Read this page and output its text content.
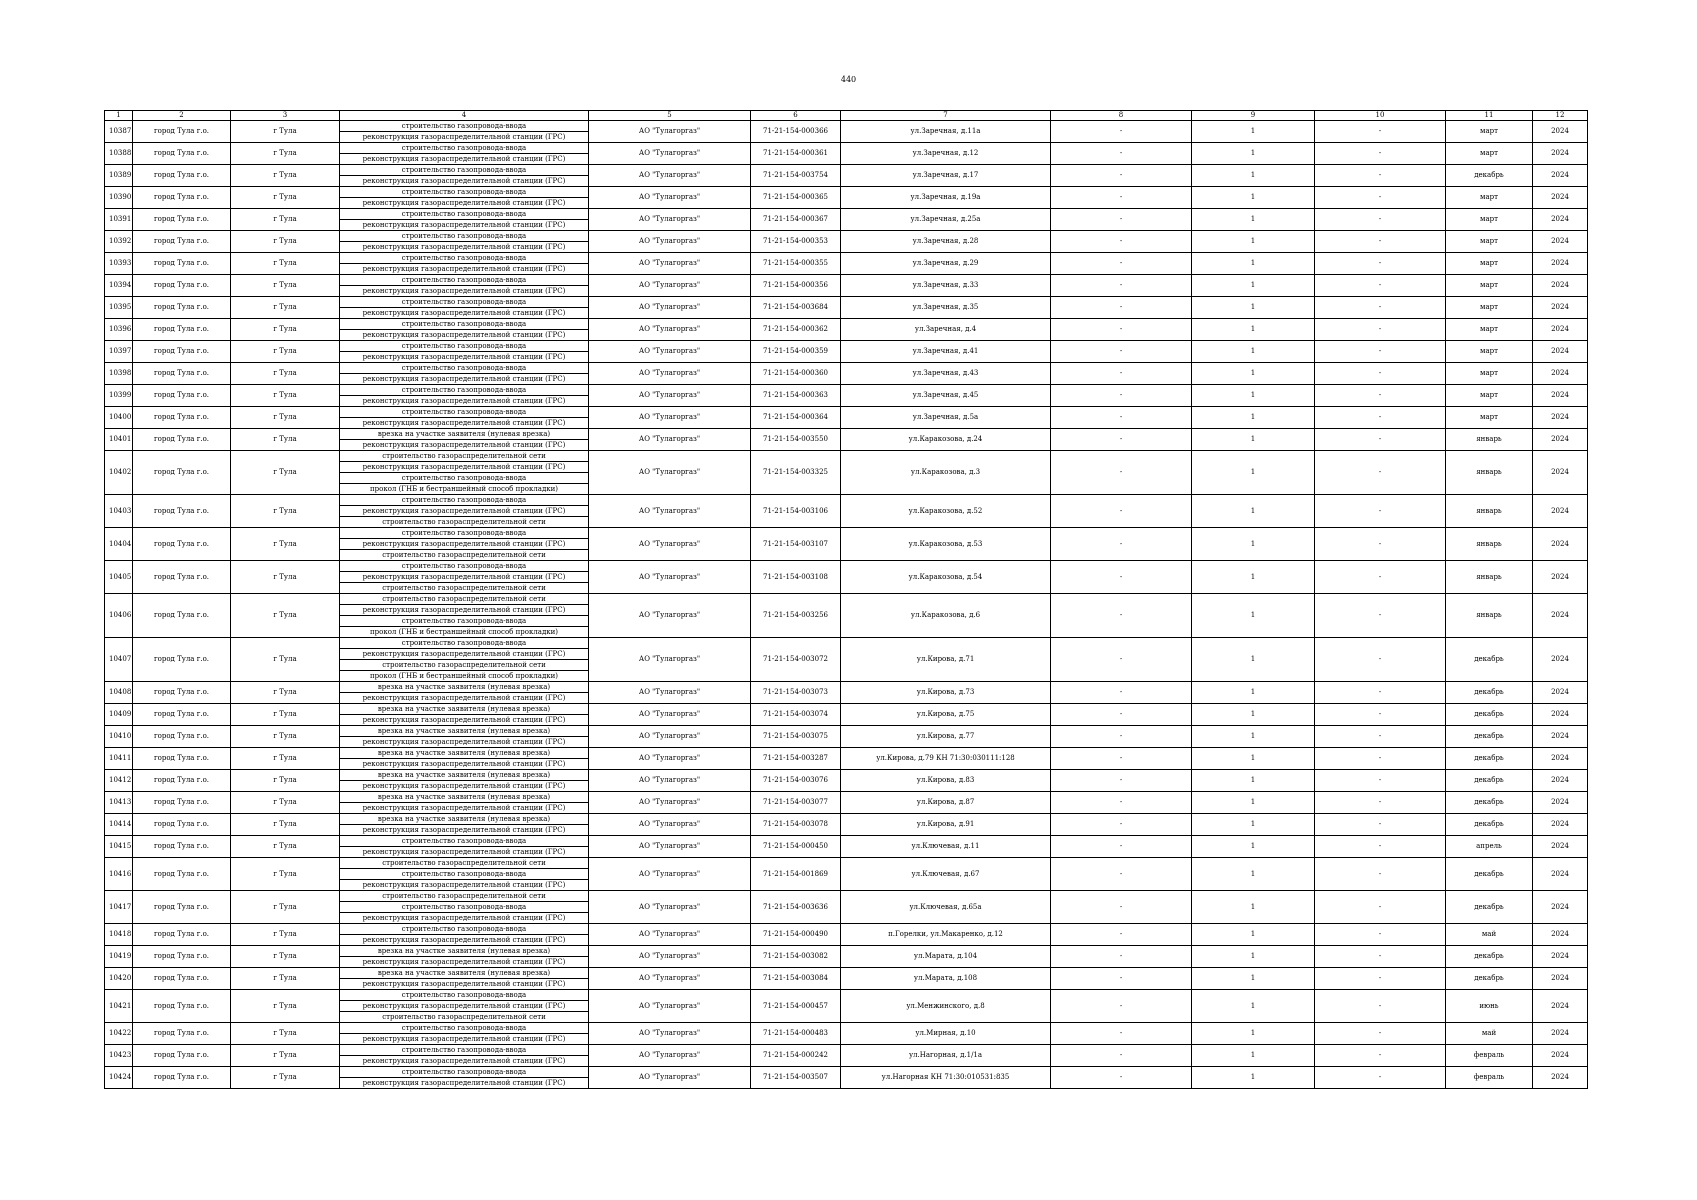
440
1	2	3	4	5	6	7	8	9	10	11	12
10387	город Тула г.о.	г Тула	строительство газопровода-ввода
реконструкция газораспределительной станции (ГРС)	АО "Тулагоргаз"	71-21-154-000366	ул.Заречная, д.11а	-	1	-	март	2024
10388	город Тула г.о.	г Тула	строительство газопровода-ввода
реконструкция газораспределительной станции (ГРС)	АО "Тулагоргаз"	71-21-154-000361	ул.Заречная, д.12	-	1	-	март	2024
10389	город Тула г.о.	г Тула	строительство газопровода-ввода
реконструкция газораспределительной станции (ГРС)	АО "Тулагоргаз"	71-21-154-003754	ул.Заречная, д.17	-	1	-	декабрь	2024
10390	город Тула г.о.	г Тула	строительство газопровода-ввода
реконструкция газораспределительной станции (ГРС)	АО "Тулагоргаз"	71-21-154-000365	ул.Заречная, д.19а	-	1	-	март	2024
10391	город Тула г.о.	г Тула	строительство газопровода-ввода
реконструкция газораспределительной станции (ГРС)	АО "Тулагоргаз"	71-21-154-000367	ул.Заречная, д.25а	-	1	-	март	2024
10392	город Тула г.о.	г Тула	строительство газопровода-ввода
реконструкция газораспределительной станции (ГРС)	АО "Тулагоргаз"	71-21-154-000353	ул.Заречная, д.28	-	1	-	март	2024
10393	город Тула г.о.	г Тула	строительство газопровода-ввода
реконструкция газораспределительной станции (ГРС)	АО "Тулагоргаз"	71-21-154-000355	ул.Заречная, д.29	-	1	-	март	2024
10394	город Тула г.о.	г Тула	строительство газопровода-ввода
реконструкция газораспределительной станции (ГРС)	АО "Тулагоргаз"	71-21-154-000356	ул.Заречная, д.33	-	1	-	март	2024
10395	город Тула г.о.	г Тула	строительство газопровода-ввода
реконструкция газораспределительной станции (ГРС)	АО "Тулагоргаз"	71-21-154-003684	ул.Заречная, д.35	-	1	-	март	2024
10396	город Тула г.о.	г Тула	строительство газопровода-ввода
реконструкция газораспределительной станции (ГРС)	АО "Тулагоргаз"	71-21-154-000362	ул.Заречная, д.4	-	1	-	март	2024
10397	город Тула г.о.	г Тула	строительство газопровода-ввода
реконструкция газораспределительной станции (ГРС)	АО "Тулагоргаз"	71-21-154-000359	ул.Заречная, д.41	-	1	-	март	2024
10398	город Тула г.о.	г Тула	строительство газопровода-ввода
реконструкция газораспределительной станции (ГРС)	АО "Тулагоргаз"	71-21-154-000360	ул.Заречная, д.43	-	1	-	март	2024
10399	город Тула г.о.	г Тула	строительство газопровода-ввода
реконструкция газораспределительной станции (ГРС)	АО "Тулагоргаз"	71-21-154-000363	ул.Заречная, д.45	-	1	-	март	2024
10400	город Тула г.о.	г Тула	строительство газопровода-ввода
реконструкция газораспределительной станции (ГРС)	АО "Тулагоргаз"	71-21-154-000364	ул.Заречная, д.5а	-	1	-	март	2024
10401	город Тула г.о.	г Тула	врезка на участке заявителя (нулевая врезка)
реконструкция газораспределительной станции (ГРС)	АО "Тулагоргаз"	71-21-154-003550	ул.Каракозова, д.24	-	1	-	январь	2024
10402	город Тула г.о.	г Тула	строительство газораспределительной сети
реконструкция газораспределительной станции (ГРС)
строительство газопровода-ввода
прокол (ГНБ и бестраншейный способ прокладки)	АО "Тулагоргаз"	71-21-154-003325	ул.Каракозова, д.3	-	1	-	январь	2024
10403	город Тула г.о.	г Тула	строительство газопровода-ввода
реконструкция газораспределительной станции (ГРС)
строительство газораспределительной сети	АО "Тулагоргаз"	71-21-154-003106	ул.Каракозова, д.52	-	1	-	январь	2024
10404	город Тула г.о.	г Тула	строительство газопровода-ввода
реконструкция газораспределительной станции (ГРС)
строительство газораспределительной сети	АО "Тулагоргаз"	71-21-154-003107	ул.Каракозова, д.53	-	1	-	январь	2024
10405	город Тула г.о.	г Тула	строительство газопровода-ввода
реконструкция газораспределительной станции (ГРС)
строительство газораспределительной сети	АО "Тулагоргаз"	71-21-154-003108	ул.Каракозова, д.54	-	1	-	январь	2024
10406	город Тула г.о.	г Тула	строительство газораспределительной сети
реконструкция газораспределительной станции (ГРС)
строительство газопровода-ввода
прокол (ГНБ и бестраншейный способ прокладки)	АО "Тулагоргаз"	71-21-154-003256	ул.Каракозова, д.6	-	1	-	январь	2024
10407	город Тула г.о.	г Тула	строительство газопровода-ввода
реконструкция газораспределительной станции (ГРС)
строительство газораспределительной сети
прокол (ГНБ и бестраншейный способ прокладки)	АО "Тулагоргаз"	71-21-154-003072	ул.Кирова, д.71	-	1	-	декабрь	2024
10408	город Тула г.о.	г Тула	врезка на участке заявителя (нулевая врезка)
реконструкция газораспределительной станции (ГРС)	АО "Тулагоргаз"	71-21-154-003073	ул.Кирова, д.73	-	1	-	декабрь	2024
10409	город Тула г.о.	г Тула	врезка на участке заявителя (нулевая врезка)
реконструкция газораспределительной станции (ГРС)	АО "Тулагоргаз"	71-21-154-003074	ул.Кирова, д.75	-	1	-	декабрь	2024
10410	город Тула г.о.	г Тула	врезка на участке заявителя (нулевая врезка)
реконструкция газораспределительной станции (ГРС)	АО "Тулагоргаз"	71-21-154-003075	ул.Кирова, д.77	-	1	-	декабрь	2024
10411	город Тула г.о.	г Тула	врезка на участке заявителя (нулевая врезка)
реконструкция газораспределительной станции (ГРС)	АО "Тулагоргаз"	71-21-154-003287	ул.Кирова, д.79 КН 71:30:030111:128	-	1	-	декабрь	2024
10412	город Тула г.о.	г Тула	врезка на участке заявителя (нулевая врезка)
реконструкция газораспределительной станции (ГРС)	АО "Тулагоргаз"	71-21-154-003076	ул.Кирова, д.83	-	1	-	декабрь	2024
10413	город Тула г.о.	г Тула	врезка на участке заявителя (нулевая врезка)
реконструкция газораспределительной станции (ГРС)	АО "Тулагоргаз"	71-21-154-003077	ул.Кирова, д.87	-	1	-	декабрь	2024
10414	город Тула г.о.	г Тула	врезка на участке заявителя (нулевая врезка)
реконструкция газораспределительной станции (ГРС)	АО "Тулагоргаз"	71-21-154-003078	ул.Кирова, д.91	-	1	-	декабрь	2024
10415	город Тула г.о.	г Тула	строительство газопровода-ввода
реконструкция газораспределительной станции (ГРС)	АО "Тулагоргаз"	71-21-154-000450	ул.Ключевая, д.11	-	1	-	апрель	2024
10416	город Тула г.о.	г Тула	строительство газораспределительной сети
строительство газопровода-ввода
реконструкция газораспределительной станции (ГРС)	АО "Тулагоргаз"	71-21-154-001869	ул.Ключевая, д.67	-	1	-	декабрь	2024
10417	город Тула г.о.	г Тула	строительство газораспределительной сети
строительство газопровода-ввода
реконструкция газораспределительной станции (ГРС)	АО "Тулагоргаз"	71-21-154-003636	ул.Ключевая, д.65а	-	1	-	декабрь	2024
10418	город Тула г.о.	г Тула	строительство газопровода-ввода
реконструкция газораспределительной станции (ГРС)	АО "Тулагоргаз"	71-21-154-000490	п.Горелки, ул.Макаренко, д.12	-	1	-	май	2024
10419	город Тула г.о.	г Тула	врезка на участке заявителя (нулевая врезка)
реконструкция газораспределительной станции (ГРС)	АО "Тулагоргаз"	71-21-154-003082	ул.Марата, д.104	-	1	-	декабрь	2024
10420	город Тула г.о.	г Тула	врезка на участке заявителя (нулевая врезка)
реконструкция газораспределительной станции (ГРС)	АО "Тулагоргаз"	71-21-154-003084	ул.Марата, д.108	-	1	-	декабрь	2024
10421	город Тула г.о.	г Тула	строительство газопровода-ввода
реконструкция газораспределительной станции (ГРС)
строительство газораспределительной сети	АО "Тулагоргаз"	71-21-154-000457	ул.Менжинского, д.8	-	1	-	июнь	2024
10422	город Тула г.о.	г Тула	строительство газопровода-ввода
реконструкция газораспределительной станции (ГРС)	АО "Тулагоргаз"	71-21-154-000483	ул.Мирная, д.10	-	1	-	май	2024
10423	город Тула г.о.	г Тула	строительство газопровода-ввода
реконструкция газораспределительной станции (ГРС)	АО "Тулагоргаз"	71-21-154-000242	ул.Нагорная, д.1/1а	-	1	-	февраль	2024
10424	город Тула г.о.	г Тула	строительство газопровода-ввода
реконструкция газораспределительной станции (ГРС)	АО "Тулагоргаз"	71-21-154-003507	ул.Нагорная КН 71:30:010531:835	-	1	-	февраль	2024
